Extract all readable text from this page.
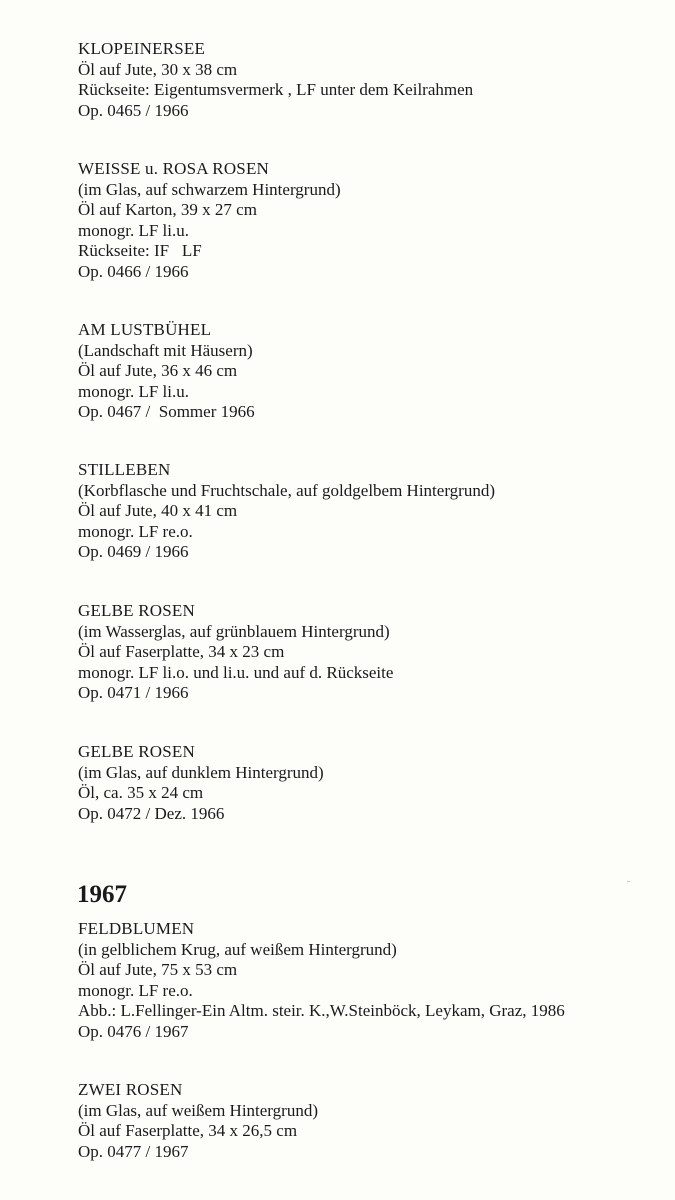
KLOPEINERSEE
Öl auf Jute, 30 x 38 cm
Rückseite: Eigentumsvermerk , LF unter dem Keilrahmen
Op. 0465 / 1966
WEISSE u. ROSA ROSEN
(im Glas, auf schwarzem Hintergrund)
Öl auf Karton, 39 x 27 cm
monogr. LF li.u.
Rückseite: IF   LF
Op. 0466 / 1966
AM LUSTBÜHEL
(Landschaft mit Häusern)
Öl auf Jute, 36 x 46 cm
monogr. LF li.u.
Op. 0467 /  Sommer 1966
STILLEBEN
(Korbflasche und Fruchtschale, auf goldgelbem Hintergrund)
Öl auf Jute, 40 x 41 cm
monogr. LF re.o.
Op. 0469 / 1966
GELBE ROSEN
(im Wasserglas, auf grünblauem Hintergrund)
Öl auf Faserplatte, 34 x 23 cm
monogr. LF li.o. und li.u. und auf d. Rückseite
Op. 0471 / 1966
GELBE ROSEN
(im Glas, auf dunklem Hintergrund)
Öl, ca. 35 x 24 cm
Op. 0472 / Dez. 1966
1967
FELDBLUMEN
(in gelblichem Krug, auf weißem Hintergrund)
Öl auf Jute, 75 x 53 cm
monogr. LF re.o.
Abb.: L.Fellinger-Ein Altm. steir. K.,W.Steinböck, Leykam, Graz, 1986
Op. 0476 / 1967
ZWEI ROSEN
(im Glas, auf weißem Hintergrund)
Öl auf Faserplatte, 34 x 26,5 cm
Op. 0477 / 1967
